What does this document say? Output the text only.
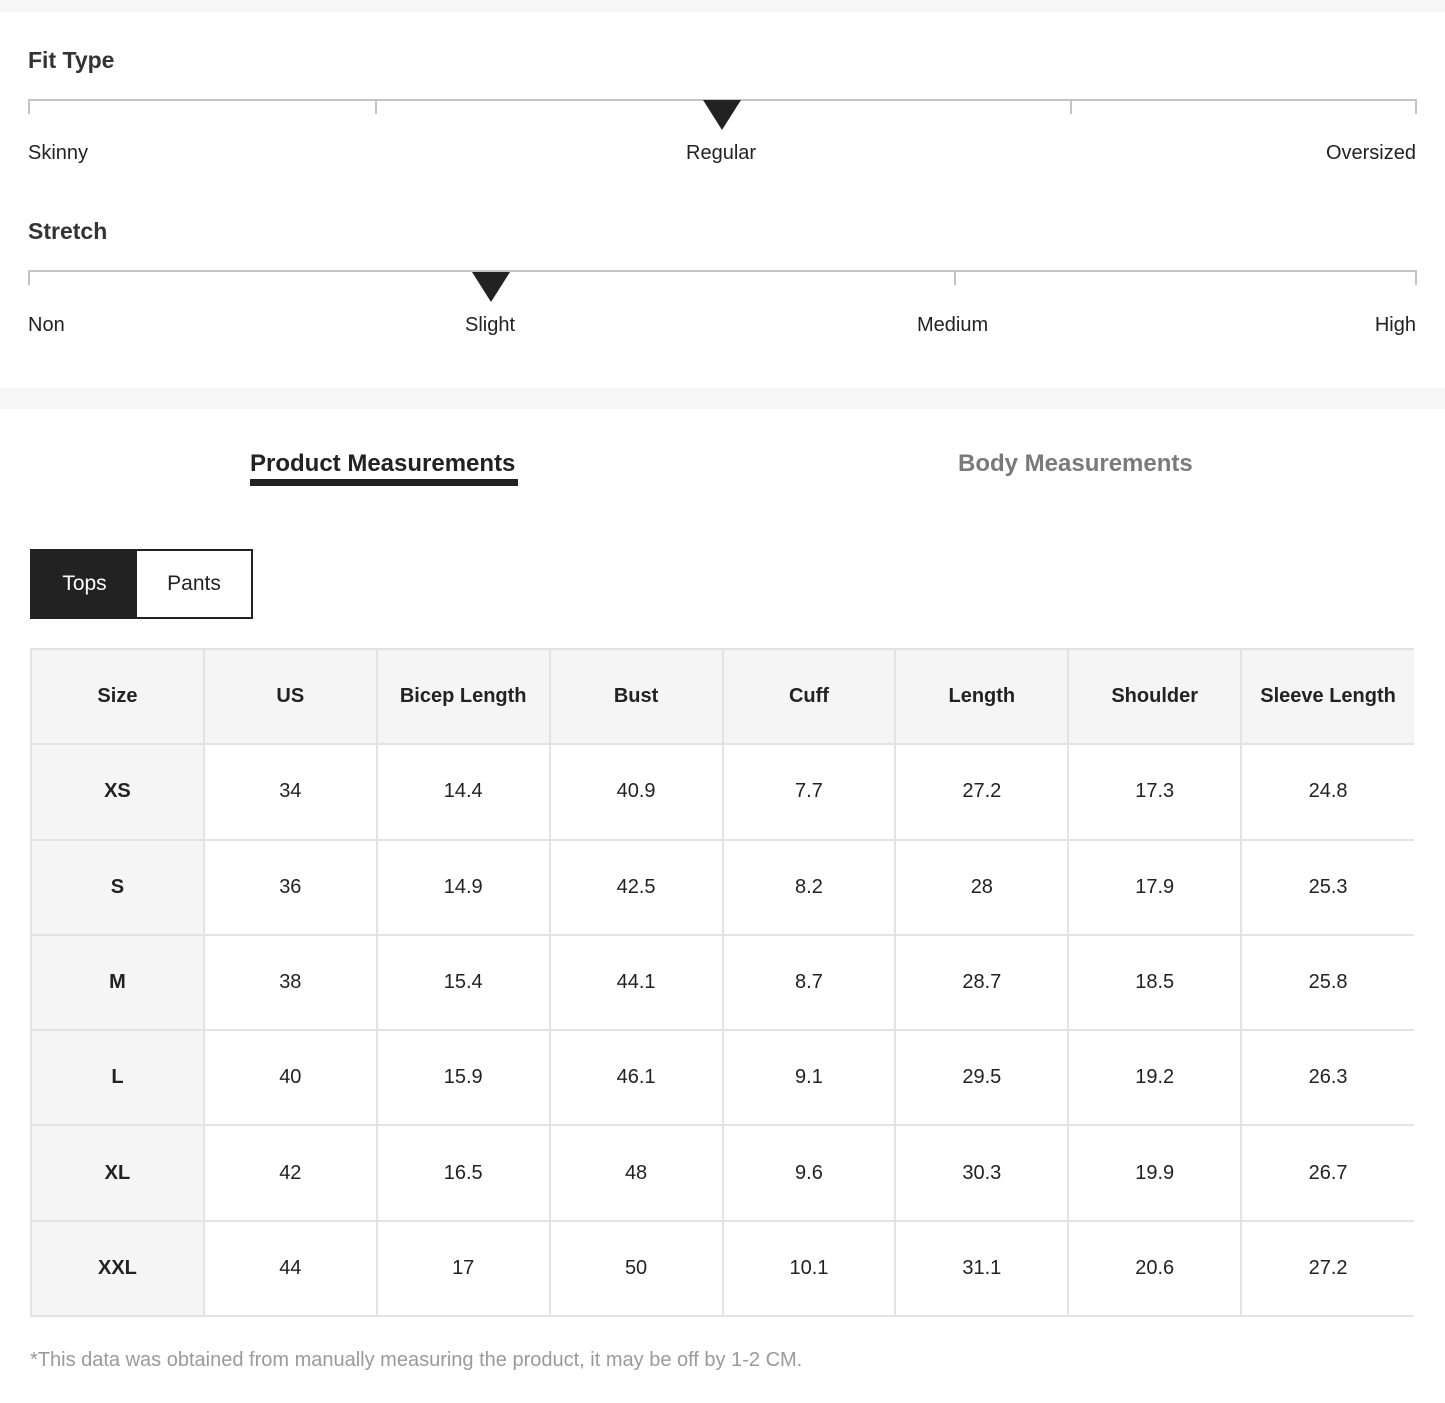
Fit Type
Skinny	Regular	Oversized
Stretch
Non	Slight	Medium	High
Product Measurements	Body Measurements
Tops	Pants
Size	US	Bicep Length	Bust	Cuff	Length	Shoulder	Sleeve Length
XS	34	14.4	40.9	7.7	27.2	17.3	24.8
S	36	14.9	42.5	8.2	28	17.9	25.3
M	38	15.4	44.1	8.7	28.7	18.5	25.8
L	40	15.9	46.1	9.1	29.5	19.2	26.3
XL	42	16.5	48	9.6	30.3	19.9	26.7
XXL	44	17	50	10.1	31.1	20.6	27.2
*This data was obtained from manually measuring the product, it may be off by 1-2 CM.
